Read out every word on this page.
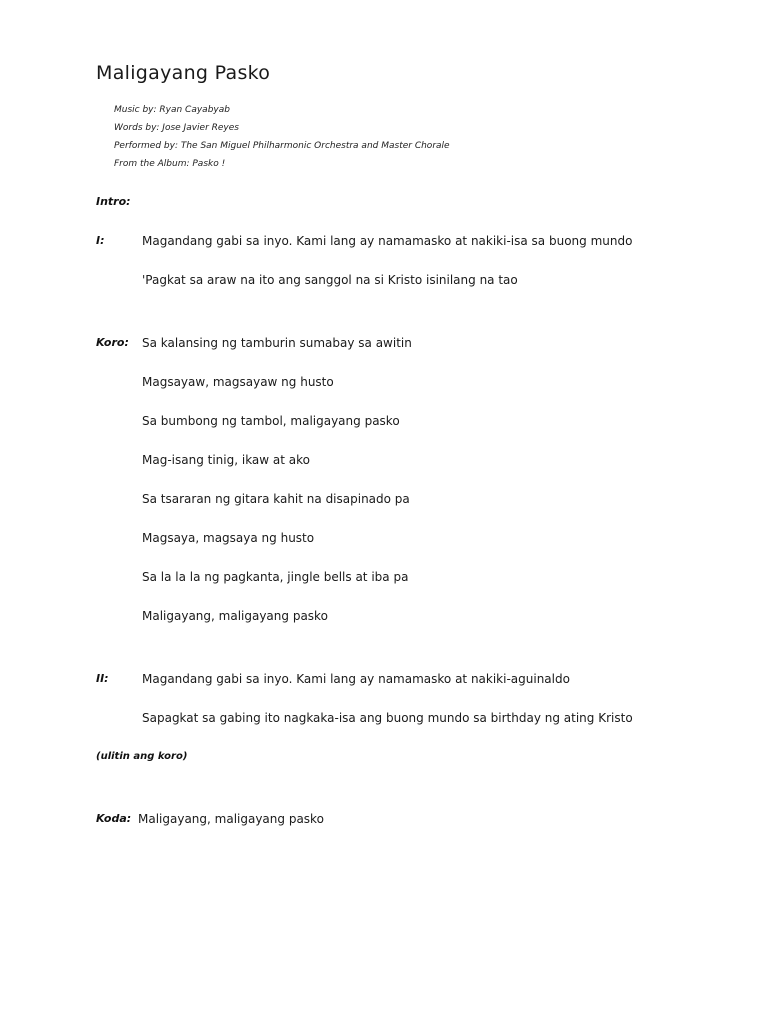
Maligayang Pasko
Music by: Ryan Cayabyab
Words by: Jose Javier Reyes
Performed by: The San Miguel Philharmonic Orchestra and Master Chorale
From the Album: Pasko !
Intro:
I:	Magandang gabi sa inyo. Kami lang ay namamasko at nakiki-isa sa buong mundo
'Pagkat sa araw na ito ang sanggol na si Kristo isinilang na tao
Koro: Sa kalansing ng tamburin sumabay sa awitin
Magsayaw, magsayaw ng husto
Sa bumbong ng tambol, maligayang pasko
Mag-isang tinig, ikaw at ako
Sa tsararan ng gitara kahit na disapinado pa
Magsaya, magsaya ng husto
Sa la la la ng pagkanta, jingle bells at iba pa
Maligayang, maligayang pasko
II:	Magandang gabi sa inyo. Kami lang ay namamasko at nakiki-aguinaldo
Sapagkat sa gabing ito nagkaka-isa ang buong mundo sa birthday ng ating Kristo
(ulitin ang koro)
Koda: Maligayang, maligayang pasko
